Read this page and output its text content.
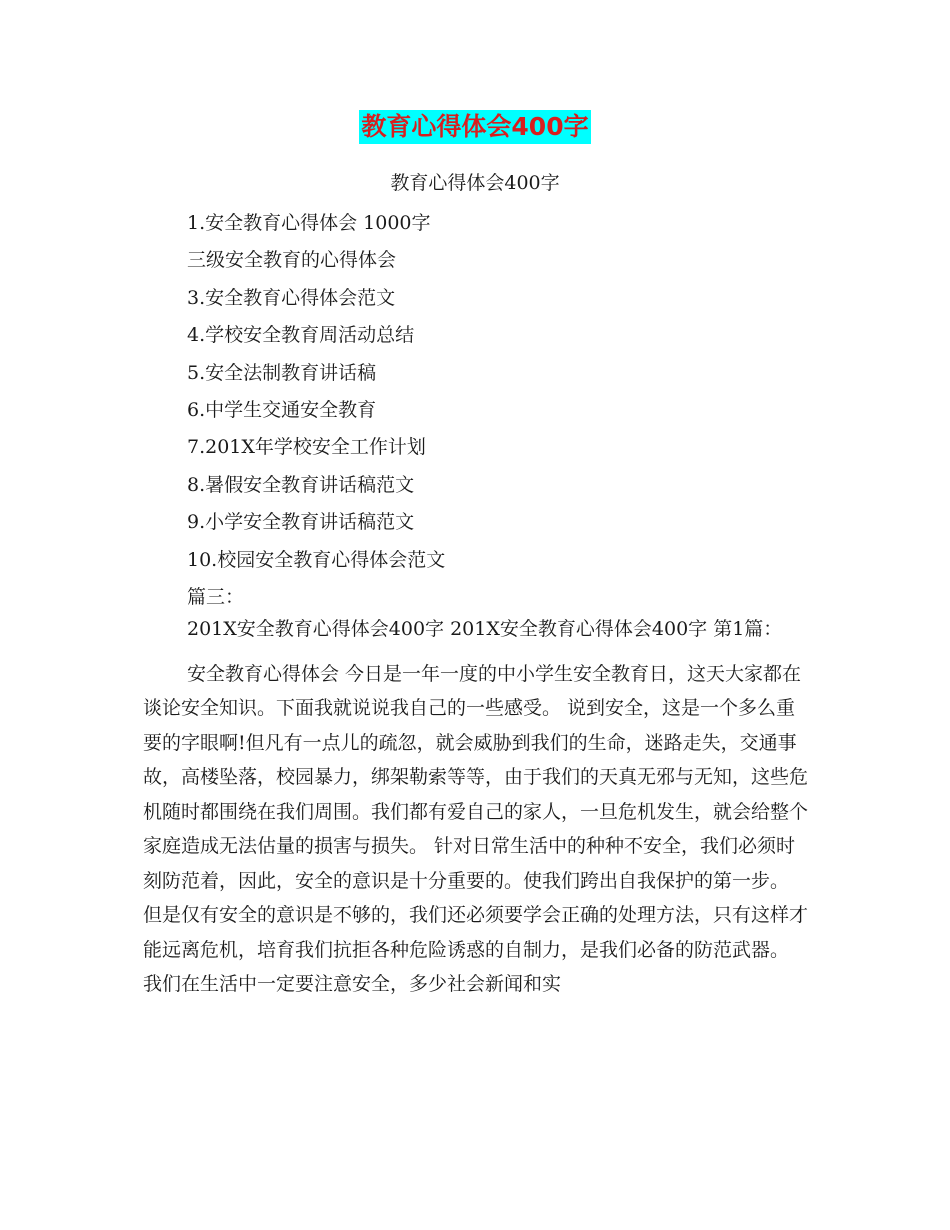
教育心得体会400字
教育心得体会400字
1.安全教育心得体会 1000字
三级安全教育的心得体会
3.安全教育心得体会范文
4.学校安全教育周活动总结
5.安全法制教育讲话稿
6.中学生交通安全教育
7.201X年学校安全工作计划
8.暑假安全教育讲话稿范文
9.小学安全教育讲话稿范文
10.校园安全教育心得体会范文
篇三：

201X安全教育心得体会400字 201X安全教育心得体会400字 第1篇：

安全教育心得体会 今日是一年一度的中小学生安全教育日，这天大家都在谈论安全知识。下面我就说说我自己的一些感受。 说到安全，这是一个多么重要的字眼啊!但凡有一点儿的疏忽，就会威胁到我们的生命，迷路走失，交通事故，高楼坠落，校园暴力，绑架勒索等等，由于我们的天真无邪与无知，这些危机随时都围绕在我们周围。我们都有爱自己的家人，一旦危机发生，就会给整个家庭造成无法估量的损害与损失。 针对日常生活中的种种不安全，我们必须时刻防范着，因此，安全的意识是十分重要的。使我们跨出自我保护的第一步。 但是仅有安全的意识是不够的，我们还必须要学会正确的处理方法，只有这样才能远离危机，培育我们抗拒各种危险诱惑的自制力，是我们必备的防范武器。 我们在生活中一定要注意安全，多少社会新闻和实
